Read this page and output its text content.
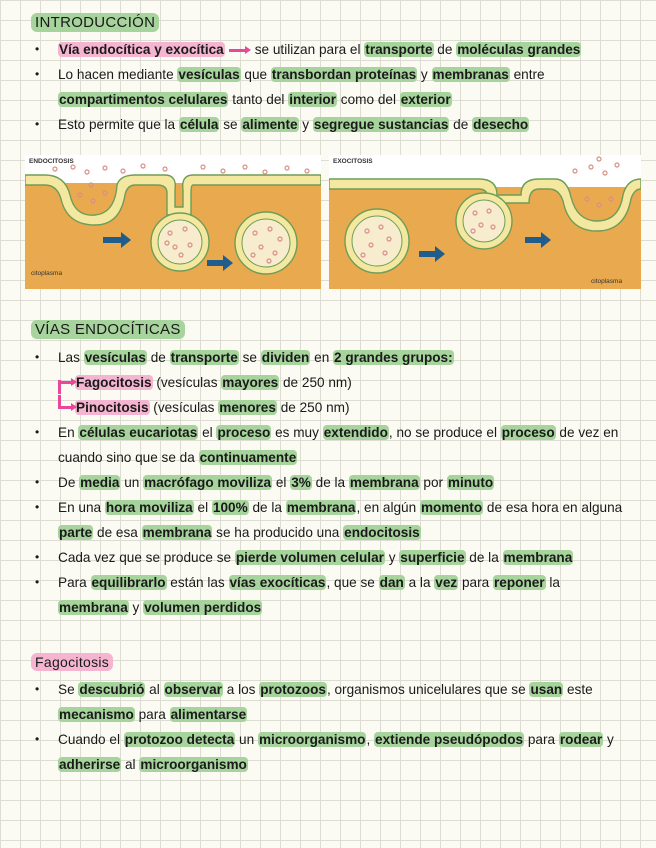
INTRODUCCIÓN
• Vía endocítica y exocítica se utilizan para el transporte de moléculas grandes
• Lo hacen mediante vesículas que transbordan proteínas y membranas entre compartimentos celulares tanto del interior como del exterior
• Esto permite que la célula se alimente y segregue sustancias de desecho
ENDOCITOSIS
citoplasma
EXOCITOSIS
citoplasma
VÍAS ENDOCÍTICAS
• Las vesículas de transporte se dividen en 2 grandes grupos:
Fagocitosis (vesículas mayores de 250 nm)
Pinocitosis (vesículas menores de 250 nm)
• En células eucariotas el proceso es muy extendido, no se produce el proceso de vez en cuando sino que se da continuamente
• De media un macrófago moviliza el 3% de la membrana por minuto
• En una hora moviliza el 100% de la membrana, en algún momento de esa hora en alguna parte de esa membrana se ha producido una endocitosis
• Cada vez que se produce se pierde volumen celular y superficie de la membrana
• Para equilibrarlo están las vías exocíticas, que se dan a la vez para reponer la membrana y volumen perdidos
Fagocitosis
• Se descubrió al observar a los protozoos, organismos unicelulares que se usan este mecanismo para alimentarse
• Cuando el protozoo detecta un microorganismo, extiende pseudópodos para rodear y adherirse al microorganismo
